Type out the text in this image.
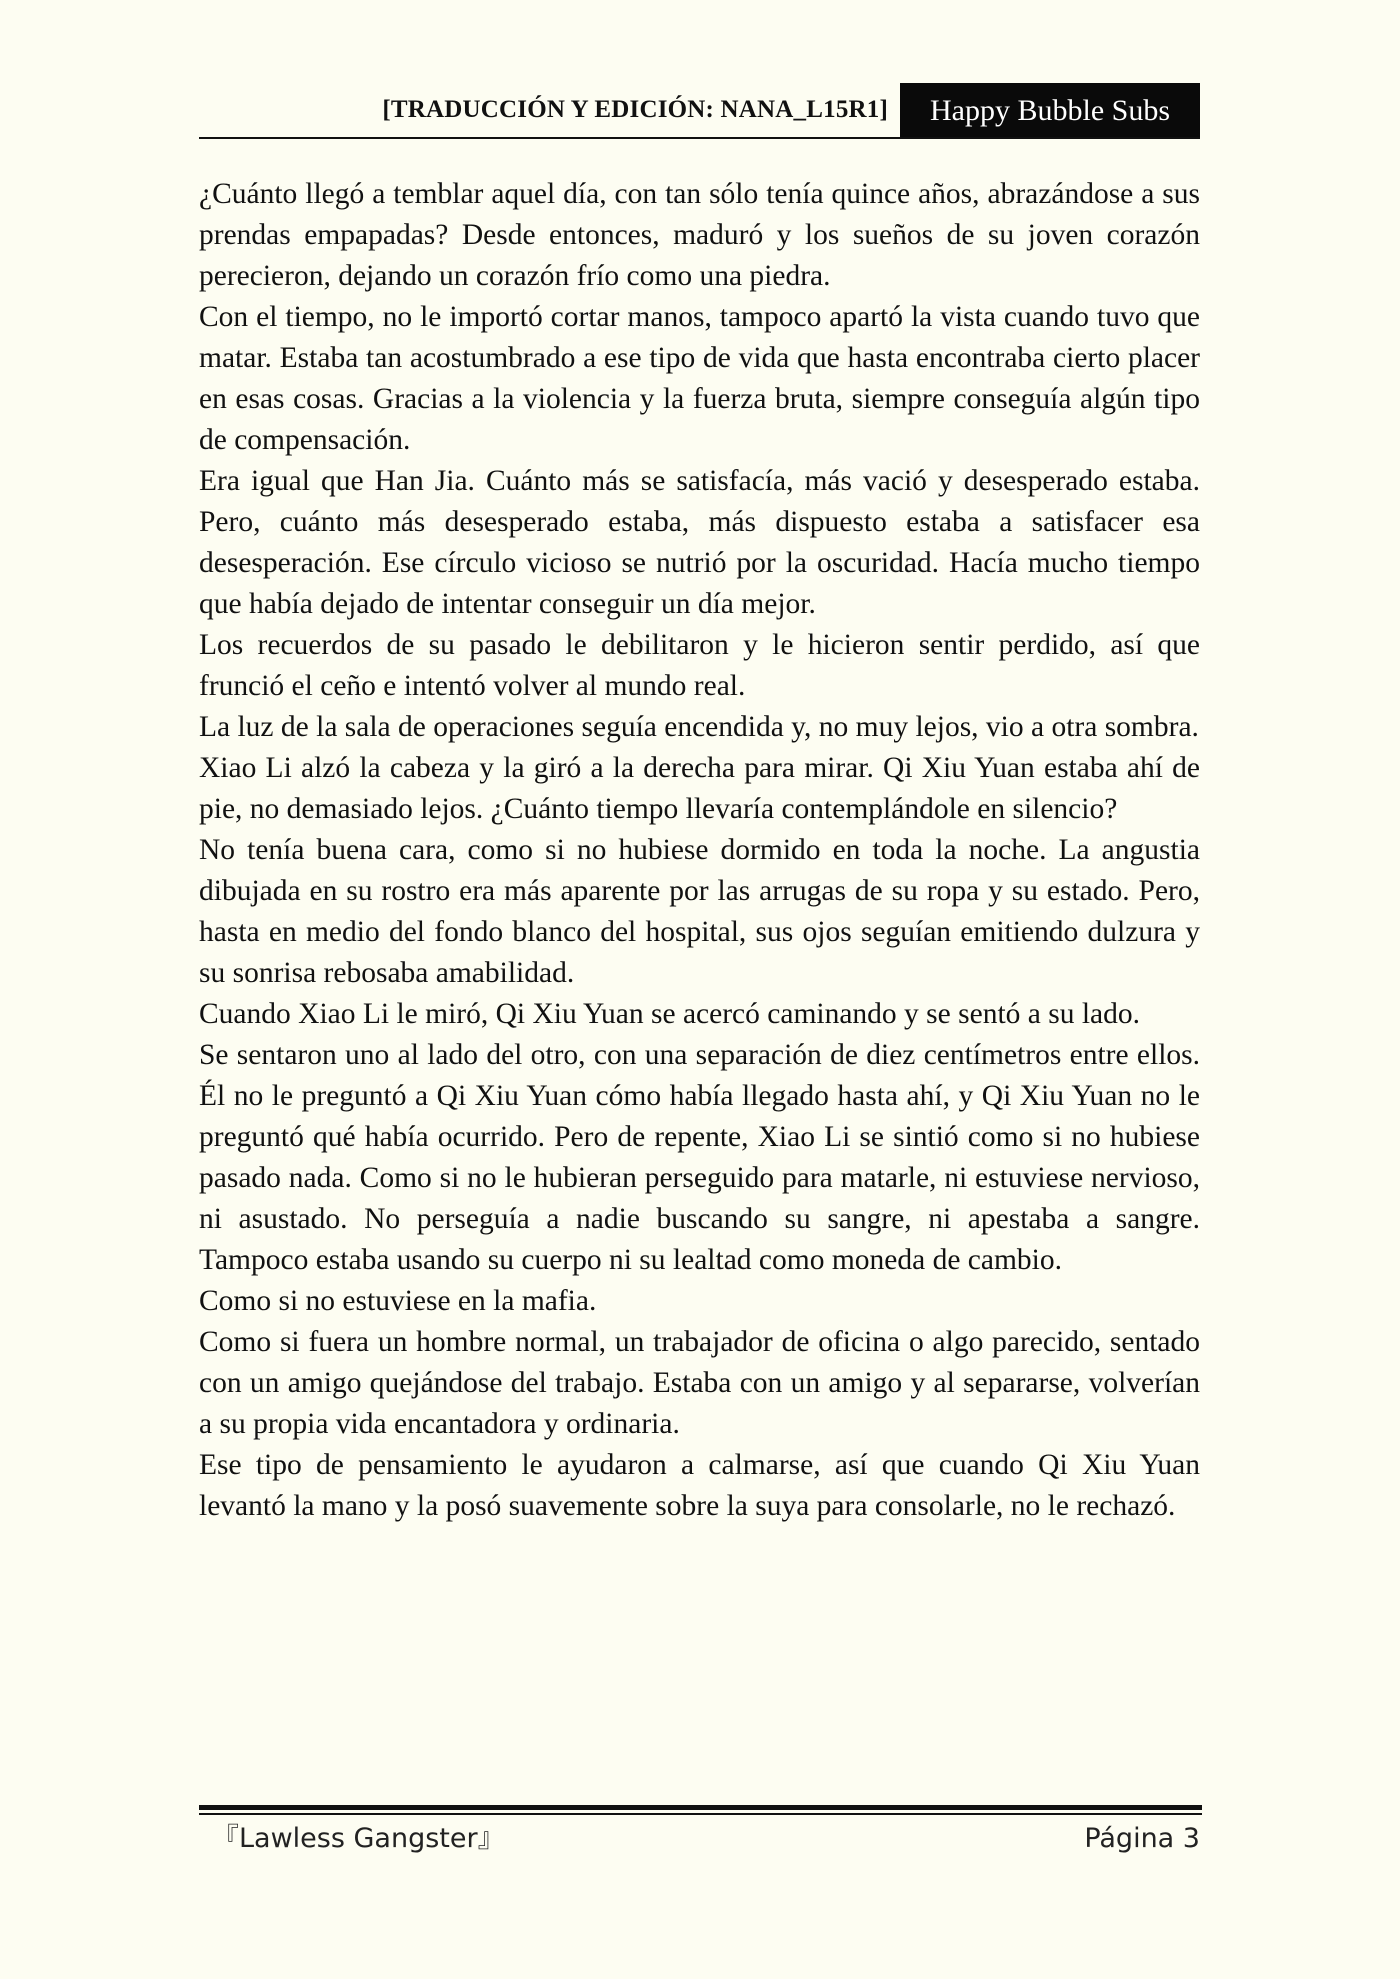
[TRADUCCIÓN Y EDICIÓN: NANA_L15R1]	Happy Bubble Subs

¿Cuánto llegó a temblar aquel día, con tan sólo tenía quince años, abrazándose a sus prendas empapadas? Desde entonces, maduró y los sueños de su joven corazón perecieron, dejando un corazón frío como una piedra.

Con el tiempo, no le importó cortar manos, tampoco apartó la vista cuando tuvo que matar. Estaba tan acostumbrado a ese tipo de vida que hasta encontraba cierto placer en esas cosas. Gracias a la violencia y la fuerza bruta, siempre conseguía algún tipo de compensación.

Era igual que Han Jia. Cuánto más se satisfacía, más vació y desesperado estaba. Pero, cuánto más desesperado estaba, más dispuesto estaba a satisfacer esa desesperación. Ese círculo vicioso se nutrió por la oscuridad. Hacía mucho tiempo que había dejado de intentar conseguir un día mejor.

Los recuerdos de su pasado le debilitaron y le hicieron sentir perdido, así que frunció el ceño e intentó volver al mundo real.

La luz de la sala de operaciones seguía encendida y, no muy lejos, vio a otra sombra.

Xiao Li alzó la cabeza y la giró a la derecha para mirar. Qi Xiu Yuan estaba ahí de pie, no demasiado lejos. ¿Cuánto tiempo llevaría contemplándole en silencio?

No tenía buena cara, como si no hubiese dormido en toda la noche. La angustia dibujada en su rostro era más aparente por las arrugas de su ropa y su estado. Pero, hasta en medio del fondo blanco del hospital, sus ojos seguían emitiendo dulzura y su sonrisa rebosaba amabilidad.

Cuando Xiao Li le miró, Qi Xiu Yuan se acercó caminando y se sentó a su lado.

Se sentaron uno al lado del otro, con una separación de diez centímetros entre ellos. Él no le preguntó a Qi Xiu Yuan cómo había llegado hasta ahí, y Qi Xiu Yuan no le preguntó qué había ocurrido. Pero de repente, Xiao Li se sintió como si no hubiese pasado nada. Como si no le hubieran perseguido para matarle, ni estuviese nervioso, ni asustado. No perseguía a nadie buscando su sangre, ni apestaba a sangre. Tampoco estaba usando su cuerpo ni su lealtad como moneda de cambio.

Como si no estuviese en la mafia.

Como si fuera un hombre normal, un trabajador de oficina o algo parecido, sentado con un amigo quejándose del trabajo. Estaba con un amigo y al separarse, volverían a su propia vida encantadora y ordinaria.

Ese tipo de pensamiento le ayudaron a calmarse, así que cuando Qi Xiu Yuan levantó la mano y la posó suavemente sobre la suya para consolarle, no le rechazó.

『Lawless Gangster』	Página 3
